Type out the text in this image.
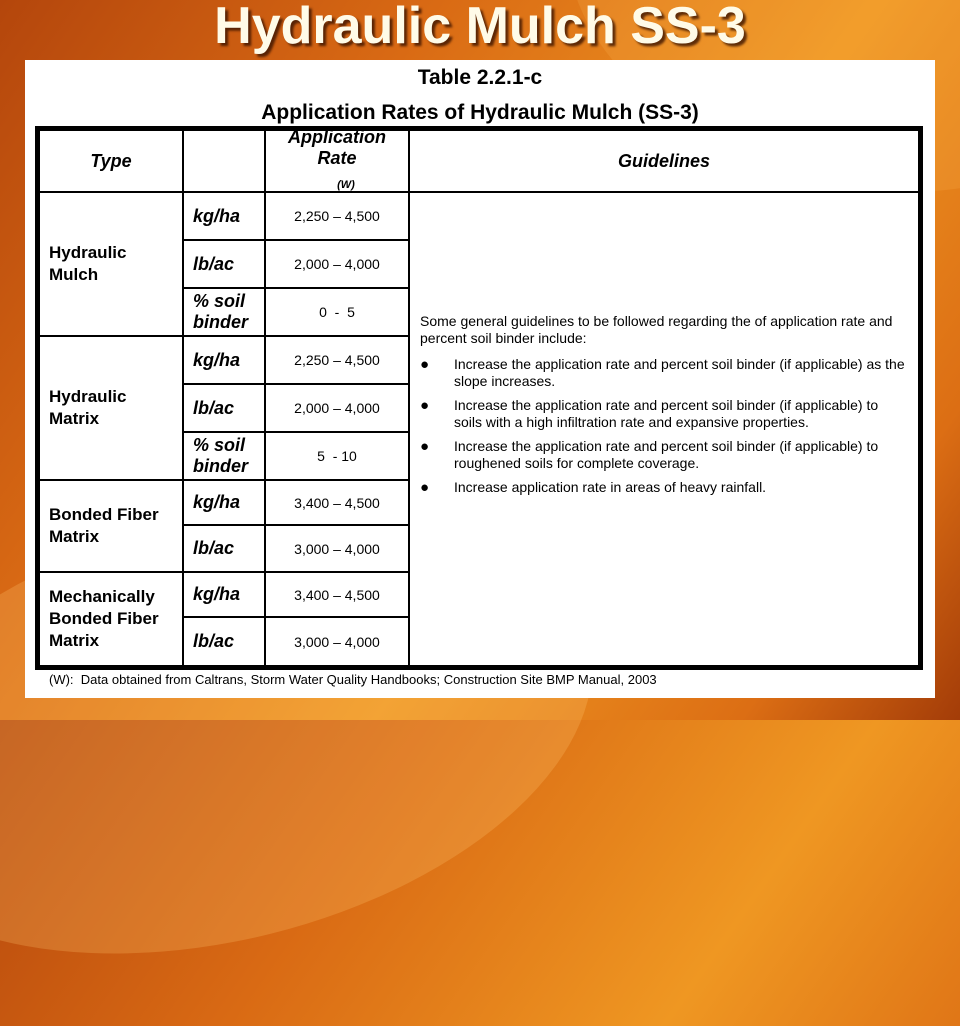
Hydraulic Mulch SS-3
Table 2.2.1-c
Application Rates of Hydraulic Mulch (SS-3)
Type
Application Rate
$_{(W)}$
Guidelines
Hydraulic Mulch
kg/ha	2,250 – 4,500
lb/ac	2,000 – 4,000
% soil binder	0  -  5
Hydraulic Matrix
kg/ha	2,250 – 4,500
lb/ac	2,000 – 4,000
% soil binder	5  - 10
Bonded Fiber Matrix
kg/ha	3,400 – 4,500
lb/ac	3,000 – 4,000
Mechanically Bonded Fiber Matrix
kg/ha	3,400 – 4,500
lb/ac	3,000 – 4,000
Some general guidelines to be followed regarding the of application rate and percent soil binder include:
●	Increase the application rate and percent soil binder (if applicable) as the slope increases.
●	Increase the application rate and percent soil binder (if applicable) to soils with a high infiltration rate and expansive properties.
●	Increase the application rate and percent soil binder (if applicable) to roughened soils for complete coverage.
●	Increase application rate in areas of heavy rainfall.
(W):  Data obtained from Caltrans, Storm Water Quality Handbooks; Construction Site BMP Manual, 2003
